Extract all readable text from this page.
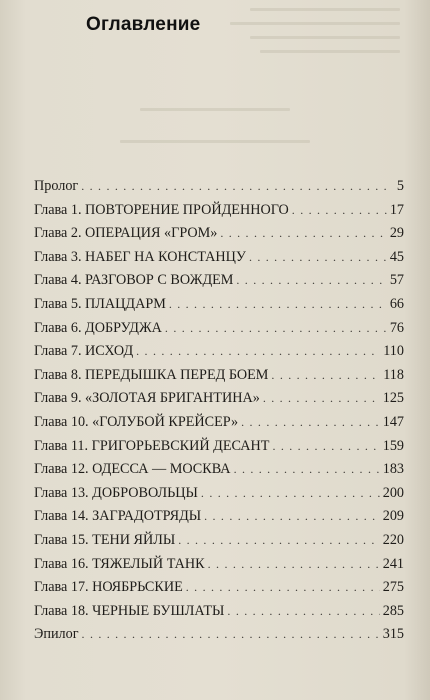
Оглавление
Пролог . . .	5
Глава 1. ПОВТОРЕНИЕ ПРОЙДЕННОГО . . .	17
Глава 2. ОПЕРАЦИЯ «ГРОМ» . . .	29
Глава 3. НАБЕГ НА КОНСТАНЦУ . . .	45
Глава 4. РАЗГОВОР С ВОЖДЕМ . . .	57
Глава 5. ПЛАЦДАРМ . . .	66
Глава 6. ДОБРУДЖА . . .	76
Глава 7. ИСХОД . . .	110
Глава 8. ПЕРЕДЫШКА ПЕРЕД БОЕМ . . .	118
Глава 9. «ЗОЛОТАЯ БРИГАНТИНА» . . .	125
Глава 10. «ГОЛУБОЙ КРЕЙСЕР» . . .	147
Глава 11. ГРИГОРЬЕВСКИЙ ДЕСАНТ . . .	159
Глава 12. ОДЕССА — МОСКВА . . .	183
Глава 13. ДОБРОВОЛЬЦЫ . . .	200
Глава 14. ЗАГРАДОТРЯДЫ . . .	209
Глава 15. ТЕНИ ЯЙЛЫ . . .	220
Глава 16. ТЯЖЕЛЫЙ ТАНК . . .	241
Глава 17. НОЯБРЬСКИЕ . . .	275
Глава 18. ЧЕРНЫЕ БУШЛАТЫ . . .	285
Эпилог . . .	315
